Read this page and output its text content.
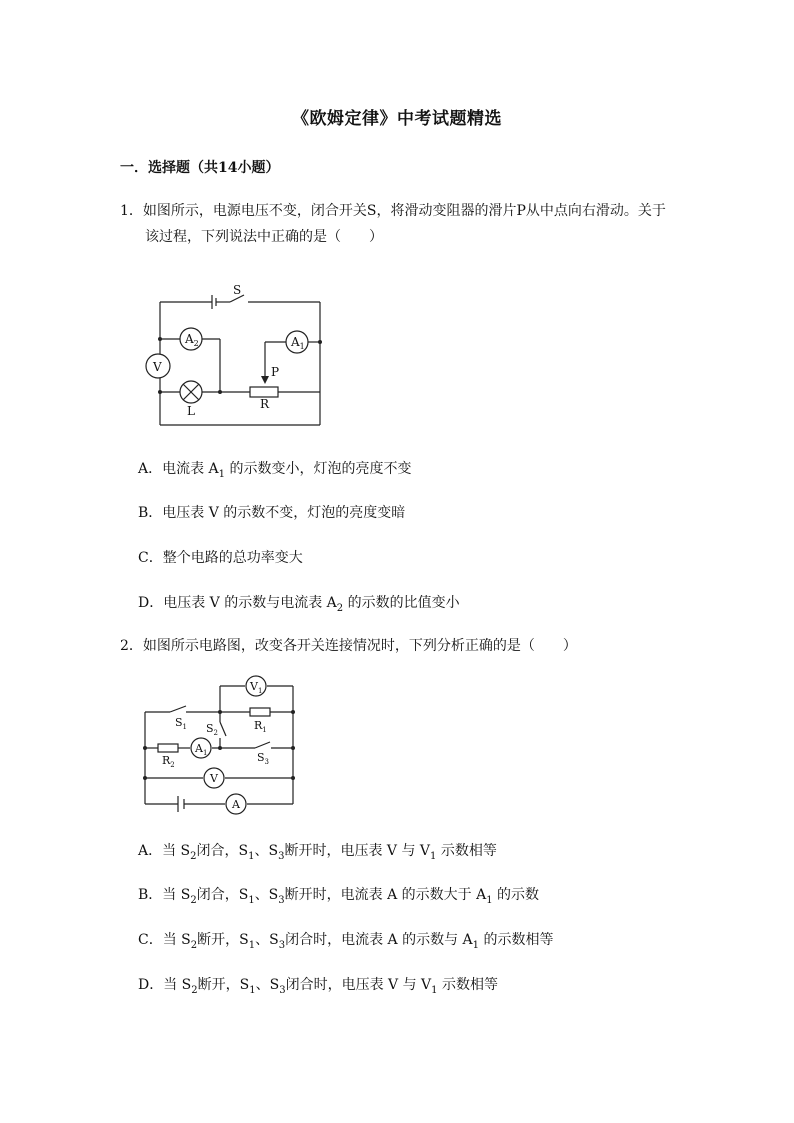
《欧姆定律》中考试题精选
一．选择题（共14小题）
1．如图所示，电源电压不变，闭合开关S，将滑动变阻器的滑片P从中点向右滑动。关于
该过程，下列说法中正确的是（　　）
S
$A_2$	$A_1$
V	P
R
L
A．电流表 $A_1$ 的示数变小，灯泡的亮度不变
B．电压表 V 的示数不变，灯泡的亮度变暗
C．整个电路的总功率变大
D．电压表 V 的示数与电流表 $A_2$ 的示数的比值变小
2．如图所示电路图，改变各开关连接情况时，下列分析正确的是（　　）
$V_1$
$S_1$ $S_2$
$R_1$
$R_2$
$A_1$	$S_3$
V
A
A．当 $S_2$闭合，$S_1$、$S_3$断开时，电压表 V 与 $V_1$ 示数相等
B．当 $S_2$闭合，$S_1$、$S_3$断开时，电流表 A 的示数大于 $A_1$ 的示数
C．当 $S_2$断开，$S_1$、$S_3$闭合时，电流表 A 的示数与 $A_1$ 的示数相等
D．当 $S_2$断开，$S_1$、$S_3$闭合时，电压表 V 与 $V_1$ 示数相等
